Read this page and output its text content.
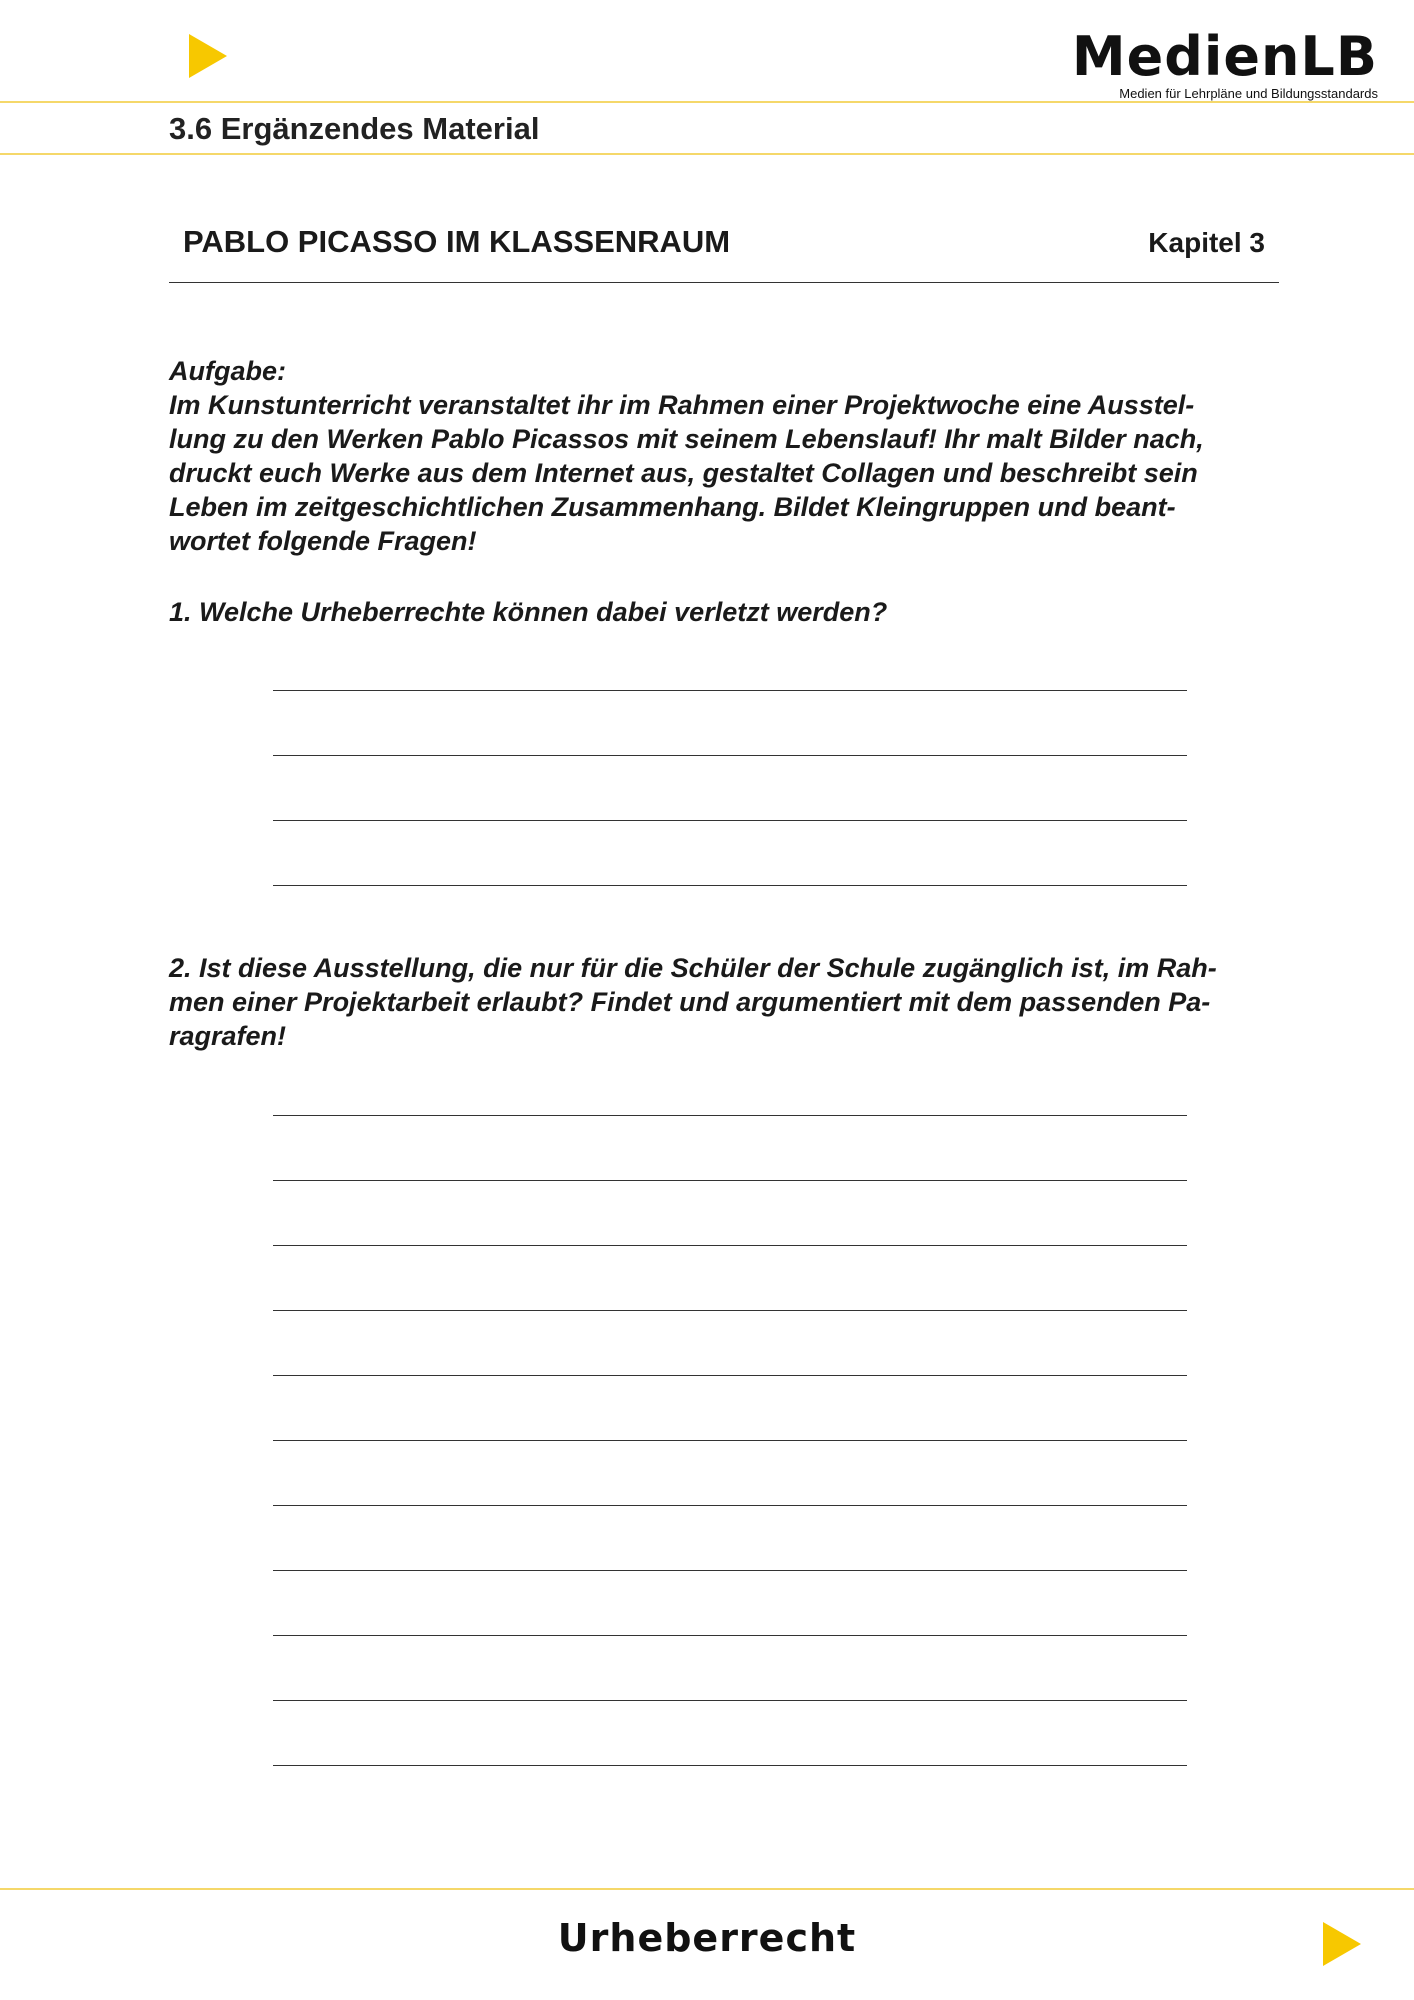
MedienLB
Medien für Lehrpläne und Bildungsstandards
3.6 Ergänzendes Material
PABLO PICASSO IM KLASSENRAUM	Kapitel 3
Aufgabe:
Im Kunstunterricht veranstaltet ihr im Rahmen einer Projektwoche eine Ausstel-
lung zu den Werken Pablo Picassos mit seinem Lebenslauf! Ihr malt Bilder nach,
druckt euch Werke aus dem Internet aus, gestaltet Collagen und beschreibt sein
Leben im zeitgeschichtlichen Zusammenhang. Bildet Kleingruppen und beant-
wortet folgende Fragen!
1. Welche Urheberrechte können dabei verletzt werden?
2. Ist diese Ausstellung, die nur für die Schüler der Schule zugänglich ist, im Rah-
men einer Projektarbeit erlaubt? Findet und argumentiert mit dem passenden Pa-
ragrafen!
Urheberrecht
